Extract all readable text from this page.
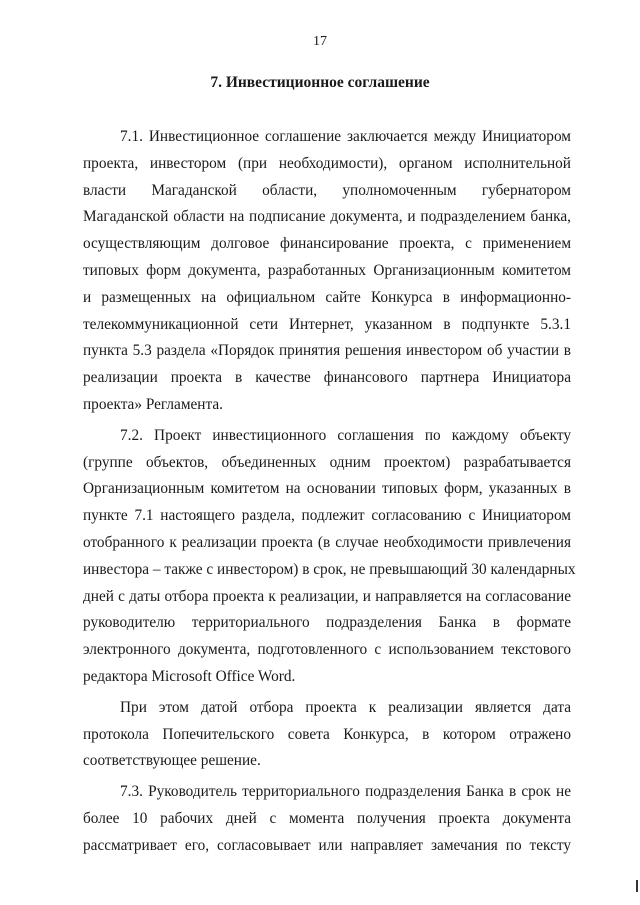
17
7. Инвестиционное соглашение
7.1. Инвестиционное соглашение заключается между Инициатором
проекта, инвестором (при необходимости), органом исполнительной
власти Магаданской области, уполномоченным губернатором
Магаданской области на подписание документа, и подразделением банка,
осуществляющим долговое финансирование проекта, с применением
типовых форм документа, разработанных Организационным комитетом
и размещенных на официальном сайте Конкурса в информационно-
телекоммуникационной сети Интернет, указанном в подпункте 5.3.1
пункта 5.3 раздела «Порядок принятия решения инвестором об участии в
реализации проекта в качестве финансового партнера Инициатора
проекта» Регламента.
7.2. Проект инвестиционного соглашения по каждому объекту
(группе объектов, объединенных одним проектом) разрабатывается
Организационным комитетом на основании типовых форм, указанных в
пункте 7.1 настоящего раздела, подлежит согласованию с Инициатором
отобранного к реализации проекта (в случае необходимости привлечения
инвестора – также с инвестором) в срок, не превышающий 30 календарных
дней с даты отбора проекта к реализации, и направляется на согласование
руководителю территориального подразделения Банка в формате
электронного документа, подготовленного с использованием текстового
редактора Microsoft Office Word.
При этом датой отбора проекта к реализации является дата
протокола Попечительского совета Конкурса, в котором отражено
соответствующее решение.
7.3. Руководитель территориального подразделения Банка в срок не
более 10 рабочих дней с момента получения проекта документа
рассматривает его, согласовывает или направляет замечания по тексту
